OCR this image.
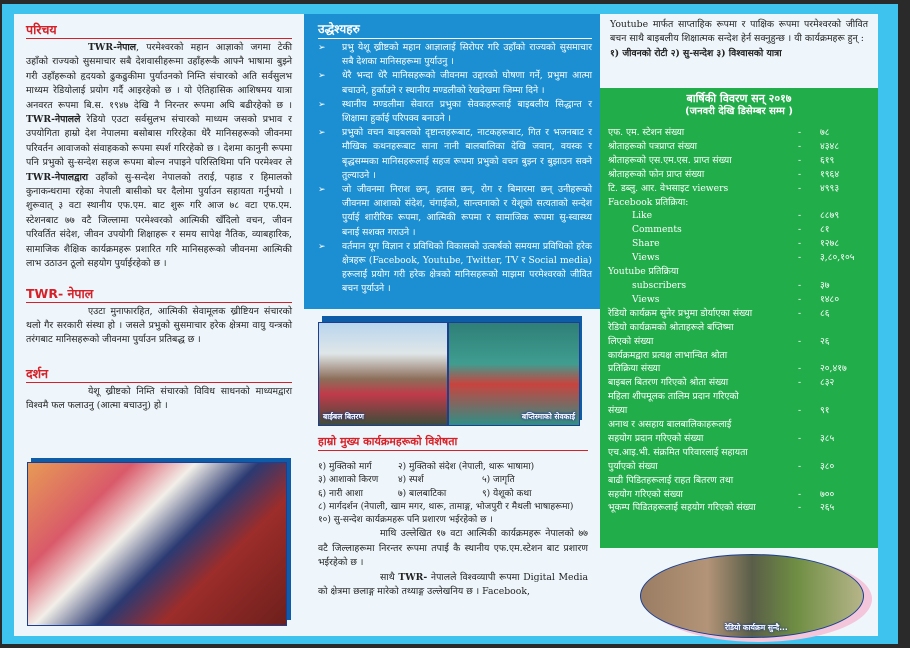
परिचय
TWR-नेपाल, परमेश्वरको महान आज्ञाको जगमा टेकी उहाँको राज्यको सुसमाचार सबै देशवासीहरूमा उहाँहरूकै आफ्नै भाषामा बुझ्ने गरी उहाँहरूको हृदयको ढुकढुकीमा पुर्याउनको निम्ति संचारको अति सर्वसुलभ माध्यम रेडियोलाई प्रयोग गर्दै आइरहेको छ । यो ऐतिहासिक आशिषमय यात्रा अनवरत रूपमा बि.स. १९४७ देखि नै निरन्तर रूपमा अघि बढीरहेको छ । TWR-नेपालले रेडियो एउटा सर्वसुलभ संचारको माध्यम जसको प्रभाव र उपयोगिता हाम्रो देश नेपालमा बसोबास गरिरहेका धेरै मानिसहरूको जीवनमा परिवर्तन आवाजको संवाहकको रूपमा स्पर्श गरिरहेको छ । देशमा कानुनी रूपमा पनि प्रभुको सु-सन्देश सहज रूपमा बोल्न नपाइने परिस्तिथिमा पनि परमेश्वर ले TWR-नेपालद्वारा उहाँको सु-सन्देश नेपालको तराई, पहाड र हिमालको कुनाकन्धरामा रहेका नेपाली बासीको घर दैलोमा पुर्याउन सहायता गर्नुभयो । शुरूवात् ३ वटा स्थानीय एफ.एम. बाट शुरू गरि आज ७८ वटा एफ.एम. स्टेशनबाट ७७ वटै जिल्लामा परमेश्वरको आत्मिकी खँदिलो वचन, जीवन परिवर्तित संदेश, जीवन उपयोगी शिक्षाहरू र समय सापेक्ष नैतिक, व्याबहारिक, सामाजिक शैक्षिक कार्यक्रमहरू प्रशारित गरि मानिसहरूको जीवनमा आत्मिकी लाभ उठाउन ठूलो सहयोग पुर्याईरहेको छ ।
TWR- नेपाल
एउटा मुनाफारहित, आत्मिकी सेवामूलक ख्रीष्टियन संचारको थलो गैर सरकारी संस्था हो । जसले प्रभुको सुसमाचार हरेक क्षेत्रमा वायु यन्त्रको तरंगबाट मानिसहरूको जीवनमा पुर्याउन प्रतिबद्ध छ ।
दर्शन
येशू ख्रीष्टको निम्ति संचारको विविध साधनको माध्यमद्वारा विश्वमै फल फलाउनु (आत्मा बचाउनु) हो ।
उद्धेश्यहरु
➢	प्रभु येशू ख्रीष्टको महान आज्ञालाई सिरोपर गरि उहाँको राज्यको सुसमाचार सबै देशका मानिसहरूमा पुर्याउनु ।
➢	धेरै भन्दा धेरै मानिसहरूको जीवनमा उद्दारको घोषणा गर्ने, प्रभुमा आत्मा बचाउने, हुर्काउने र स्थानीय मण्डलीको रेखदेखमा जिम्मा दिने ।
➢	स्थानीय मण्डलीमा सेवारत प्रभुका सेवकहरूलाई बाइबलीय सिद्धान्त र शिक्षामा हुर्काई परिपक्व बनाउने ।
➢	प्रभुको वचन बाइबलको दृष्टान्तहरूबाट, नाटकहरूबाट, गित र भजनबाट र मौखिक कथनहरूबाट साना नानी बालबालिका देखि जवान, वयस्क र बृद्धसम्मका मानिसहरूलाई सहज रूपमा प्रभुको वचन बुझ्न र बुझाउन सक्ने तुल्याउने ।
➢	जो जीवनमा निराश छन्, हतास छन्, रोग र बिमारमा छन् उनीहरूको जीवनमा आशाको संदेश, चंगाईको, सान्त्वनाको र येशूको सत्यताको सन्देश पुर्याई शारीरिक रूपमा, आत्मिकी रूपमा र सामाजिक रूपमा सु-स्वास्थ्य बनाई सशक्त गराउने ।
➢	वर्तमान यूग विज्ञान र प्रविधिको विकासको उत्कर्षको समयमा प्रविधिको हरेक क्षेत्रहरू (Facebook, Youtube, Twitter, TV र Social media) हरूलाई प्रयोग गरी हरेक क्षेत्रको मानिसहरूको माझमा परमेश्वरको जीवित बचन पुर्याउने ।
बाईबल बितरण	बप्तिस्माको सेवकाई
हाम्रो मुख्य कार्यक्रमहरूको विशेषता
१) मुक्तिको मार्ग	२) मुक्तिको संदेश (नेपाली, थारू भाषामा)
३) आशाको किरण	४) स्पर्श	५) जागृति
६) नारी आशा	७) बालबाटिका	९) येशूको कथा
८) मार्गदर्शन (नेपाली, खाम मगर, थारू, तामाङ्ग, भोजपुरी र मैथली भाषाहरूमा)
१०) सु-सन्देश कार्यक्रमहरू पनि प्रशारण भईरहेको छ ।
माथि उल्लेखित १७ वटा आत्मिकी कार्यक्रमहरू नेपालको ७७ वटै जिल्लाहरूमा निरन्तर रूपमा तपाई कै स्थानीय एफ.एम.स्टेशन बाट प्रशारण भईरहेको छ ।
साथै TWR- नेपालले विश्वव्यापी रूपमा Digital Media को क्षेत्रमा छलाङ्ग मारेको तथ्याङ्ग उल्लेखनिय छ । Facebook,
Youtube मार्फत साप्ताहिक रूपमा र पाक्षिक रूपमा परमेश्वरको जीवित बचन साथै बाइबलीय शिक्षात्मक सन्देश हेर्न सक्नुहुन्छ । यी कार्यक्रमहरू हुन् :
१) जीवनको रोटी २) सु-सन्देश ३) विश्वासको यात्रा
बार्षिकी विवरण सन् २०१७
(जनवरी देखि डिसेम्बर सम्म )
एफ. एम. स्टेशन संख्या	-	७८
श्रोताहरूको पत्रप्राप्त संख्या	-	४३४८
श्रोताहरूको एस.एम.एस. प्राप्त संख्या	-	६१९
श्रोताहरूको फोन प्राप्त संख्या	-	१९६४
टि. डब्लु. आर. वेभसाइट viewers	-	४९९३
Facebook प्रतिक्रिया:
Like	-	८८७९
Comments	-	८१
Share	-	१२७८
Views	-	३,८०,१०५
Youtube प्रतिक्रिया
subscribers	-	३७
Views	-	१४८०
रेडियो कार्यक्रम सुनेर प्रभुमा डोर्याएका संख्या	-	८६
रेडियो कार्यक्रमको श्रोताहरूले बप्तिष्मा
लिएको संख्या	-	२६
कार्यक्रमद्वारा प्रत्यक्ष लाभान्वित श्रोता
प्रतिक्रिया संख्या	-	२०,४१७
बाइबल बितरण गरिएको श्रोता संख्या	-	८३२
महिला शीपमूलक तालिम प्रदान गरिएको
संख्या	-	९१
अनाथ र असहाय बालबालिकाहरूलाई
सहयोग प्रदान गरिएको संख्या	-	३८५
एच.आइ.भी. संक्रमित परिवारलाई सहायता
पुर्याएको संख्या	-	३८०
बाढी पिडितहरूलाई राहत बितरण तथा
सहयोग गरिएको संख्या	-	७००
भूकम्प पिडितहरूलाई सहयोग गरिएको संख्या	-	२६५
रेडियो कार्यक्रम सुन्दै...
